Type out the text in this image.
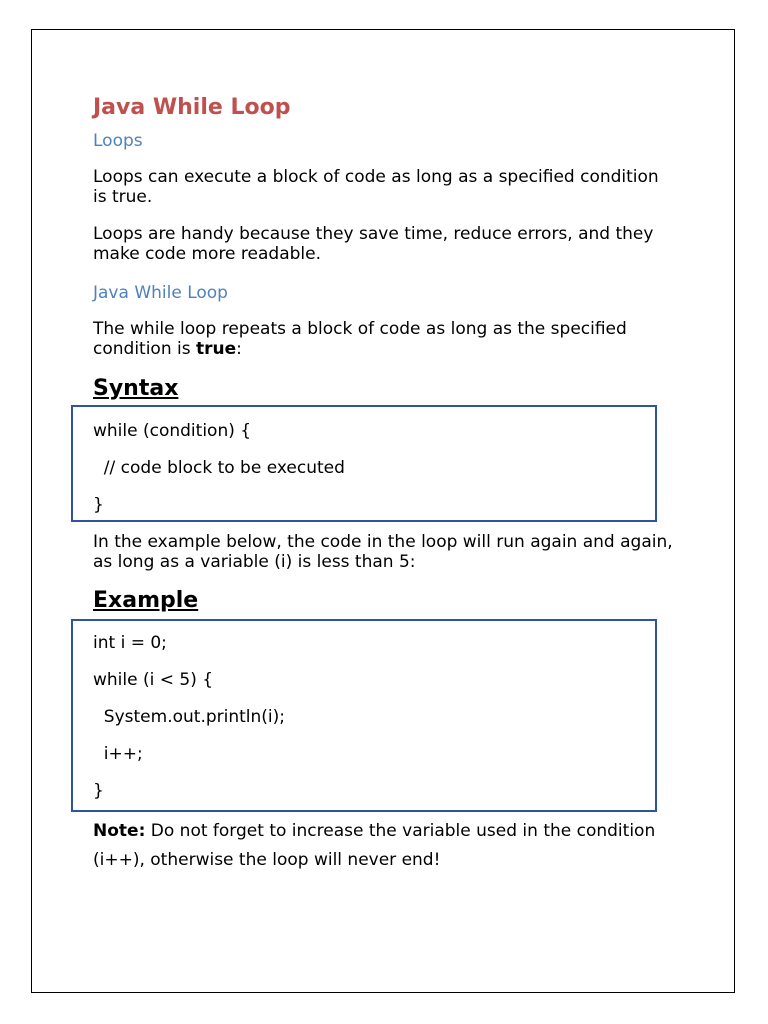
Java While Loop
Loops

Loops can execute a block of code as long as a specified condition is true.

Loops are handy because they save time, reduce errors, and they make code more readable.

Java While Loop

The while loop repeats a block of code as long as the specified condition is true:

Syntax
while (condition) {
// code block to be executed
}

In the example below, the code in the loop will run again and again, as long as a variable (i) is less than 5:

Example
int i = 0;
while (i < 5) {
System.out.println(i);
i++;
}

Note: Do not forget to increase the variable used in the condition (i++), otherwise the loop will never end!
